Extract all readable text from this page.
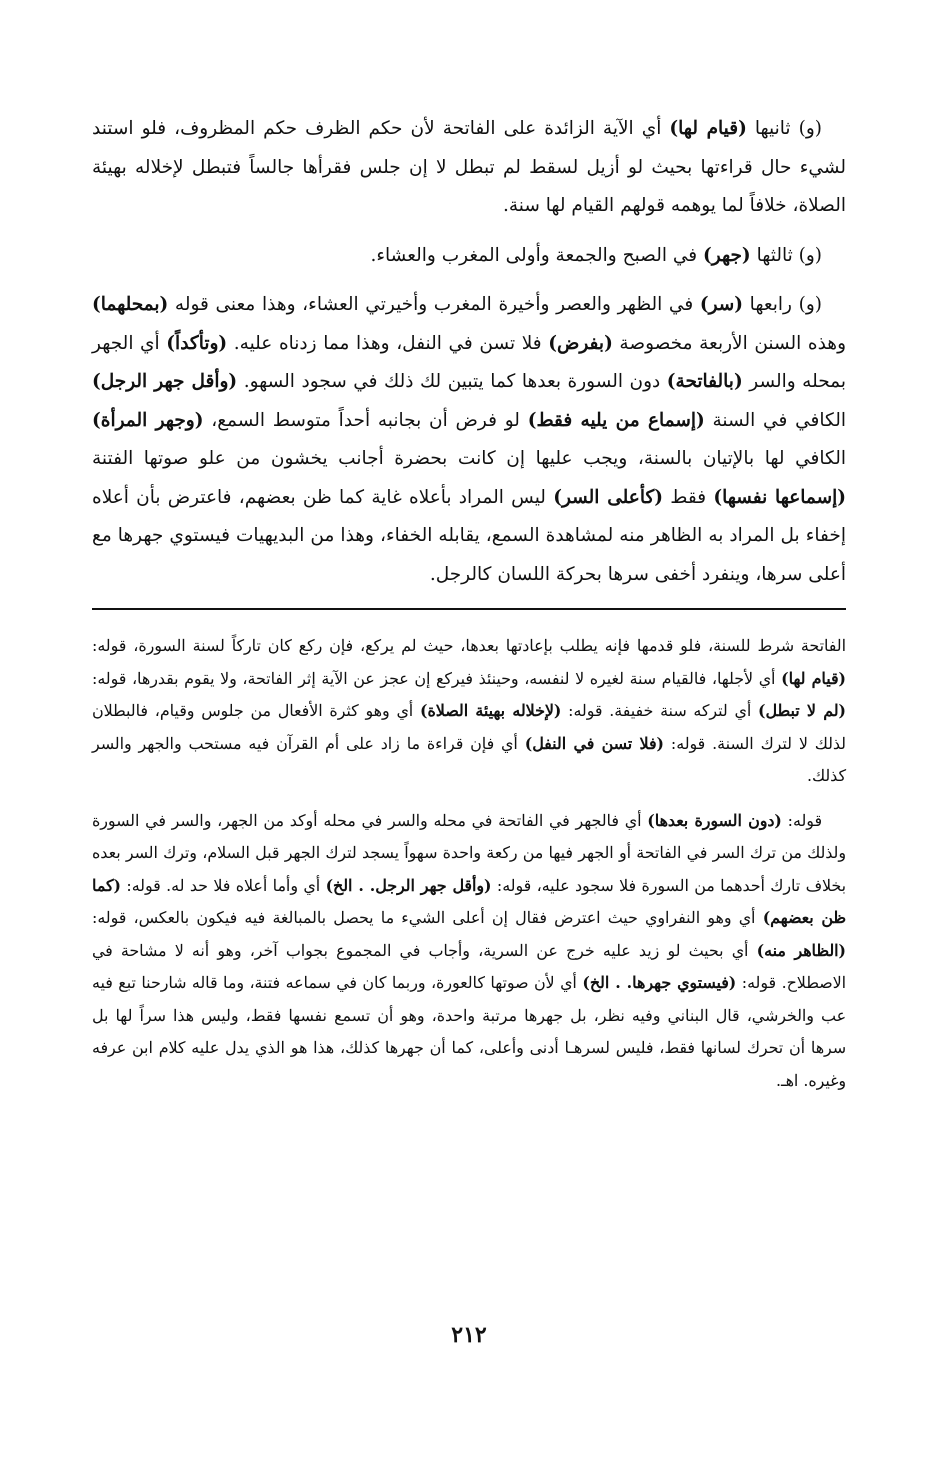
(و) ثانيها (قيام لها) أي الآية الزائدة على الفاتحة لأن حكم الظرف حكم المظروف، فلو استند لشيء حال قراءتها بحيث لو أزيل لسقط لم تبطل لا إن جلس فقرأها جالساً فتبطل لإخلاله بهيئة الصلاة، خلافاً لما يوهمه قولهم القيام لها سنة.

(و) ثالثها (جهر) في الصبح والجمعة وأولى المغرب والعشاء.

(و) رابعها (سر) في الظهر والعصر وأخيرة المغرب وأخيرتي العشاء، وهذا معنى قوله (بمحلهما) وهذه السنن الأربعة مخصوصة (بفرض) فلا تسن في النفل، وهذا مما زدناه عليه. (وتأكداً) أي الجهر بمحله والسر (بالفاتحة) دون السورة بعدها كما يتبين لك ذلك في سجود السهو. (وأقل جهر الرجل) الكافي في السنة (إسماع من يليه فقط) لو فرض أن بجانبه أحداً متوسط السمع، (وجهر المرأة) الكافي لها بالإتيان بالسنة، ويجب عليها إن كانت بحضرة أجانب يخشون من علو صوتها الفتنة (إسماعها نفسها) فقط (كأعلى السر) ليس المراد بأعلاه غاية كما ظن بعضهم، فاعترض بأن أعلاه إخفاء بل المراد به الظاهر منه لمشاهدة السمع، يقابله الخفاء، وهذا من البديهيات فيستوي جهرها مع أعلى سرها، وينفرد أخفى سرها بحركة اللسان كالرجل.

الفاتحة شرط للسنة، فلو قدمها فإنه يطلب بإعادتها بعدها، حيث لم يركع، فإن ركع كان تاركاً لسنة السورة، قوله: (قيام لها) أي لأجلها، فالقيام سنة لغيره لا لنفسه، وحينئذ فيركع إن عجز عن الآية إثر الفاتحة، ولا يقوم بقدرها، قوله: (لم لا تبطل) أي لترکه سنة خفيفة. قوله: (لإخلاله بهيئة الصلاة) أي وهو كثرة الأفعال من جلوس وقيام، فالبطلان لذلك لا لترك السنة. قوله: (فلا تسن في النفل) أي فإن قراءة ما زاد على أم القرآن فيه مستحب والجهر والسر كذلك.

قوله: (دون السورة بعدها) أي فالجهر في الفاتحة في محله والسر في محله أوكد من الجهر، والسر في السورة ولذلك من ترك السر في الفاتحة أو الجهر فيها من ركعة واحدة سهواً يسجد لترك الجهر قبل السلام، وترك السر بعده بخلاف تارك أحدهما من السورة فلا سجود عليه، قوله: (وأقل جهر الرجل. . الخ) أي وأما أعلاه فلا حد له. قوله: (كما ظن بعضهم) أي وهو النفراوي حيث اعترض فقال إن أعلى الشيء ما يحصل بالمبالغة فيه فيكون بالعكس، قوله: (الظاهر منه) أي بحيث لو زيد عليه خرج عن السرية، وأجاب في المجموع بجواب آخر، وهو أنه لا مشاحة في الاصطلاح. قوله: (فيستوي جهرها. . الخ) أي لأن صوتها كالعورة، وربما كان في سماعه فتنة، وما قاله شارحنا تبع فيه عب والخرشي، قال البناني وفيه نظر، بل جهرها مرتبة واحدة، وهو أن تسمع نفسها فقط، وليس هذا سراً لها بل سرها أن تحرك لسانها فقط، فليس لسرهـا أدنى وأعلى، كما أن جهرها كذلك، هذا هو الذي يدل عليه كلام ابن عرفه وغيره. اهـ.

٢١٢
